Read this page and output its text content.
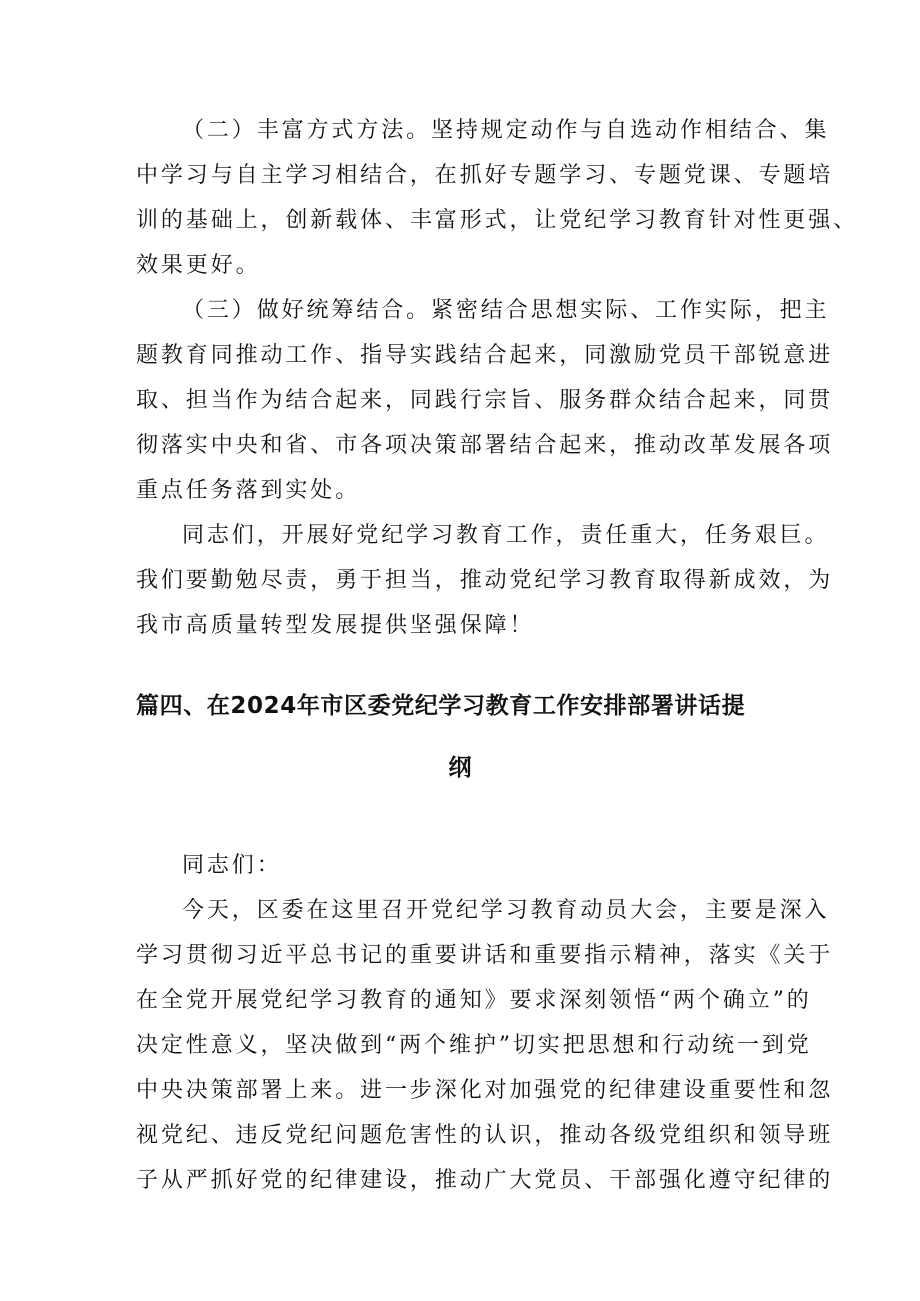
（二）丰富方式方法。坚持规定动作与自选动作相结合、集
中学习与自主学习相结合，在抓好专题学习、专题党课、专题培
训的基础上，创新载体、丰富形式，让党纪学习教育针对性更强、
效果更好。
（三）做好统筹结合。紧密结合思想实际、工作实际，把主
题教育同推动工作、指导实践结合起来，同激励党员干部锐意进
取、担当作为结合起来，同践行宗旨、服务群众结合起来，同贯
彻落实中央和省、市各项决策部署结合起来，推动改革发展各项
重点任务落到实处。
同志们，开展好党纪学习教育工作，责任重大，任务艰巨。
我们要勤勉尽责，勇于担当，推动党纪学习教育取得新成效，为
我市高质量转型发展提供坚强保障！
篇四、在2024年市区委党纪学习教育工作安排部署讲话提
纲
同志们：
今天，区委在这里召开党纪学习教育动员大会，主要是深入
学习贯彻习近平总书记的重要讲话和重要指示精神，落实《关于
在全党开展党纪学习教育的通知》要求深刻领悟“两个确立”的
决定性意义，坚决做到“两个维护”切实把思想和行动统一到党
中央决策部署上来。进一步深化对加强党的纪律建设重要性和忽
视党纪、违反党纪问题危害性的认识，推动各级党组织和领导班
子从严抓好党的纪律建设，推动广大党员、干部强化遵守纪律的
